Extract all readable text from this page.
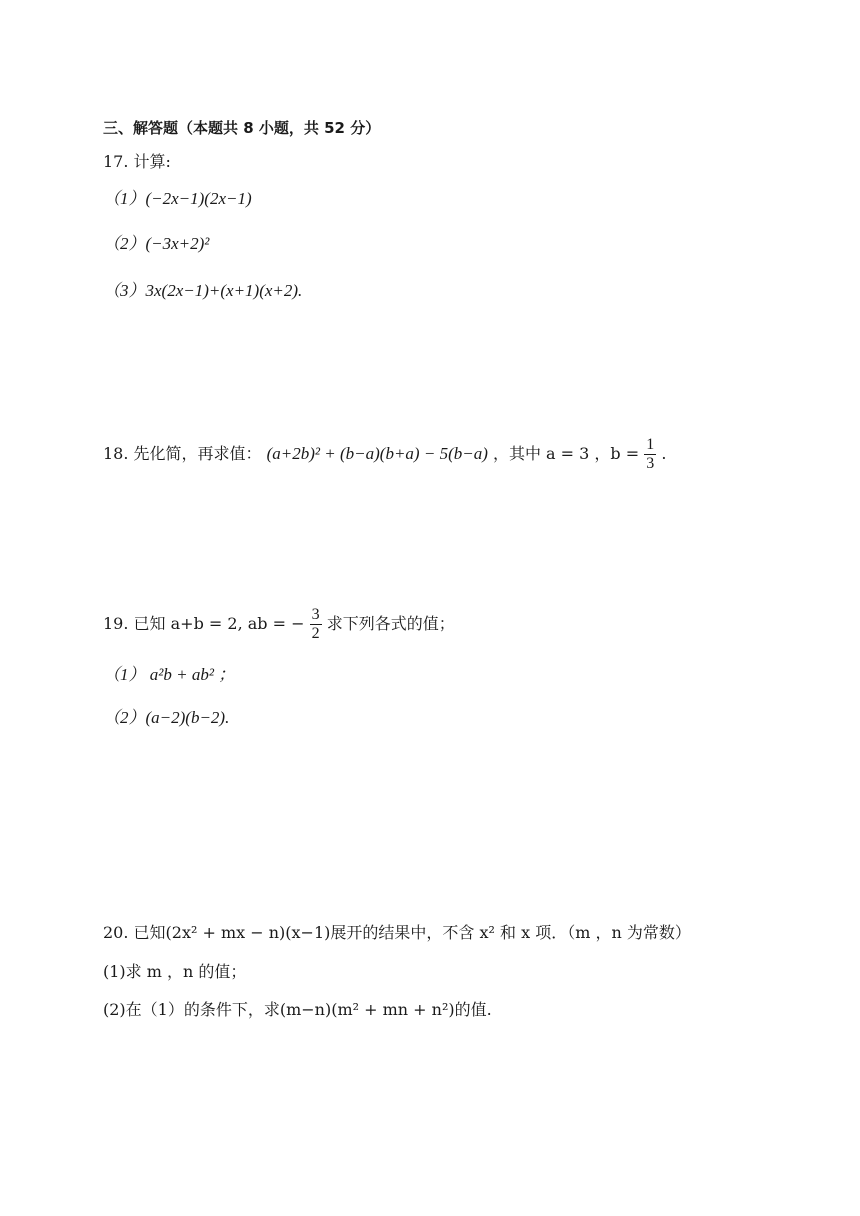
三、解答题（本题共 8 小题，共 52 分）
17. 计算:
（1）(−2x−1)(2x−1)
（2）(−3x+2)²
（3）3x(2x−1)+(x+1)(x+2).
18. 先化简，再求值： (a+2b)² + (b−a)(b+a) − 5(b−a) ，其中 a = 3 ，$b = \frac{1}{3}$ .
19. 已知 a+b = 2, ab = − $\frac{3}{2}$ 求下列各式的值；
（1） a²b + ab² ；
（2）(a−2)(b−2).
20. 已知(2x² + mx − n)(x−1)展开的结果中，不含 x² 和 x 项．（m ，n 为常数）
(1)求 m ，n 的值；
(2)在（1）的条件下，求(m−n)(m² + mn + n²)的值.
